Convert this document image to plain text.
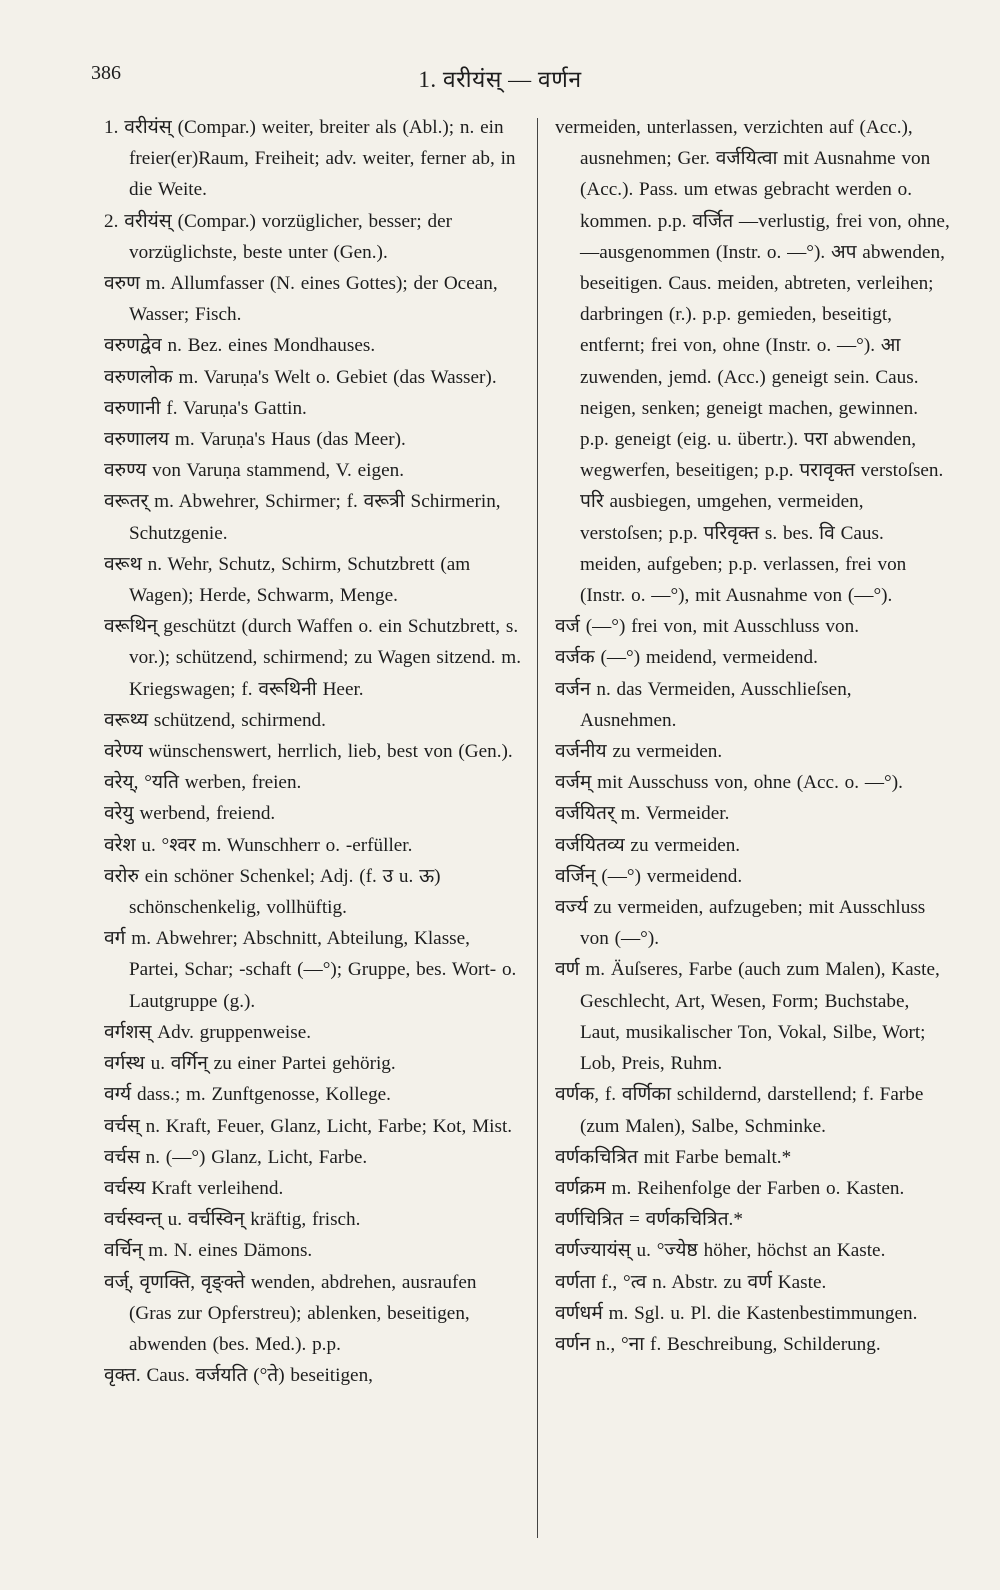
386	1. वरीयंस् — वर्णन

1. वरीयंस् (Compar.) weiter, breiter als (Abl.); n. ein freier(er)Raum, Freiheit; adv. weiter, ferner ab, in die Weite.

2. वरीयंस् (Compar.) vorzüglicher, besser; der vorzüglichste, beste unter (Gen.).

वरुण m. Allumfasser (N. eines Gottes); der Ocean, Wasser; Fisch.

वरुणद्वेव n. Bez. eines Mondhauses.

वरुणलोक m. Varuṇa's Welt o. Gebiet (das Wasser).

वरुणानी f. Varuṇa's Gattin.

वरुणालय m. Varuṇa's Haus (das Meer).

वरुण्य von Varuṇa stammend, V. eigen.

वरूतर् m. Abwehrer, Schirmer; f. वरूत्री Schirmerin, Schutzgenie.

वरूथ n. Wehr, Schutz, Schirm, Schutzbrett (am Wagen); Herde, Schwarm, Menge.

वरूथिन् geschützt (durch Waffen o. ein Schutzbrett, s. vor.); schützend, schirmend; zu Wagen sitzend. m. Kriegswagen; f. वरूथिनी Heer.

वरूथ्य schützend, schirmend.

वरेण्य wünschenswert, herrlich, lieb, best von (Gen.).

वरेय्, °यति werben, freien.

वरेयु werbend, freiend.

वरेश u. °श्वर m. Wunschherr o. -erfüller.

वरोरु ein schöner Schenkel; Adj. (f. उ u. ऊ) schönschenkelig, vollhüftig.

वर्ग m. Abwehrer; Abschnitt, Abteilung, Klasse, Partei, Schar; -schaft (—°); Gruppe, bes. Wort- o. Lautgruppe (g.).

वर्गशस् Adv. gruppenweise.

वर्गस्थ u. वर्गिन् zu einer Partei gehörig.

वर्ग्य dass.; m. Zunftgenosse, Kollege.

वर्चस् n. Kraft, Feuer, Glanz, Licht, Farbe; Kot, Mist.

वर्चस n. (—°) Glanz, Licht, Farbe.

वर्चस्य Kraft verleihend.

वर्चस्वन्त् u. वर्चस्विन् kräftig, frisch.

वर्चिन् m. N. eines Dämons.

वर्ज्, वृणक्ति, वृङ्क्ते wenden, abdrehen, ausraufen (Gras zur Opferstreu); ablenken, beseitigen, abwenden (bes. Med.). p.p.

वृक्त. Caus. वर्जयति (°ते) beseitigen,

vermeiden, unterlassen, verzichten auf (Acc.), ausnehmen; Ger. वर्जयित्वा mit Ausnahme von (Acc.). Pass. um etwas gebracht werden o. kommen. p.p. वर्जित —verlustig, frei von, ohne, —ausgenommen (Instr. o. —°). अप abwenden, beseitigen. Caus. meiden, abtreten, verleihen; darbringen (r.). p.p. gemieden, beseitigt, entfernt; frei von, ohne (Instr. o. —°). आ zuwenden, jemd. (Acc.) geneigt sein. Caus. neigen, senken; geneigt machen, gewinnen. p.p. geneigt (eig. u. übertr.). परा abwenden, wegwerfen, beseitigen; p.p. परावृक्त verstoſsen. परि ausbiegen, umgehen, vermeiden, verstoſsen; p.p. परिवृक्त s. bes. वि Caus. meiden, aufgeben; p.p. verlassen, frei von (Instr. o. —°), mit Ausnahme von (—°).

वर्ज (—°) frei von, mit Ausschluss von.

वर्जक (—°) meidend, vermeidend.

वर्जन n. das Vermeiden, Ausschlieſsen, Ausnehmen.

वर्जनीय zu vermeiden.

वर्जम् mit Ausschuss von, ohne (Acc. o. —°).

वर्जयितर् m. Vermeider.

वर्जयितव्य zu vermeiden.

वर्जिन् (—°) vermeidend.

वर्ज्य zu vermeiden, aufzugeben; mit Ausschluss von (—°).

वर्ण m. Äuſseres, Farbe (auch zum Malen), Kaste, Geschlecht, Art, Wesen, Form; Buchstabe, Laut, musikalischer Ton, Vokal, Silbe, Wort; Lob, Preis, Ruhm.

वर्णक, f. वर्णिका schildernd, darstellend; f. Farbe (zum Malen), Salbe, Schminke.

वर्णकचित्रित mit Farbe bemalt.*

वर्णक्रम m. Reihenfolge der Farben o. Kasten.

वर्णचित्रित = वर्णकचित्रित.*

वर्णज्यायंस् u. °ज्येष्ठ höher, höchst an Kaste.

वर्णता f., °त्व n. Abstr. zu वर्ण Kaste.

वर्णधर्म m. Sgl. u. Pl. die Kastenbestimmungen.

वर्णन n., °ना f. Beschreibung, Schilderung.
